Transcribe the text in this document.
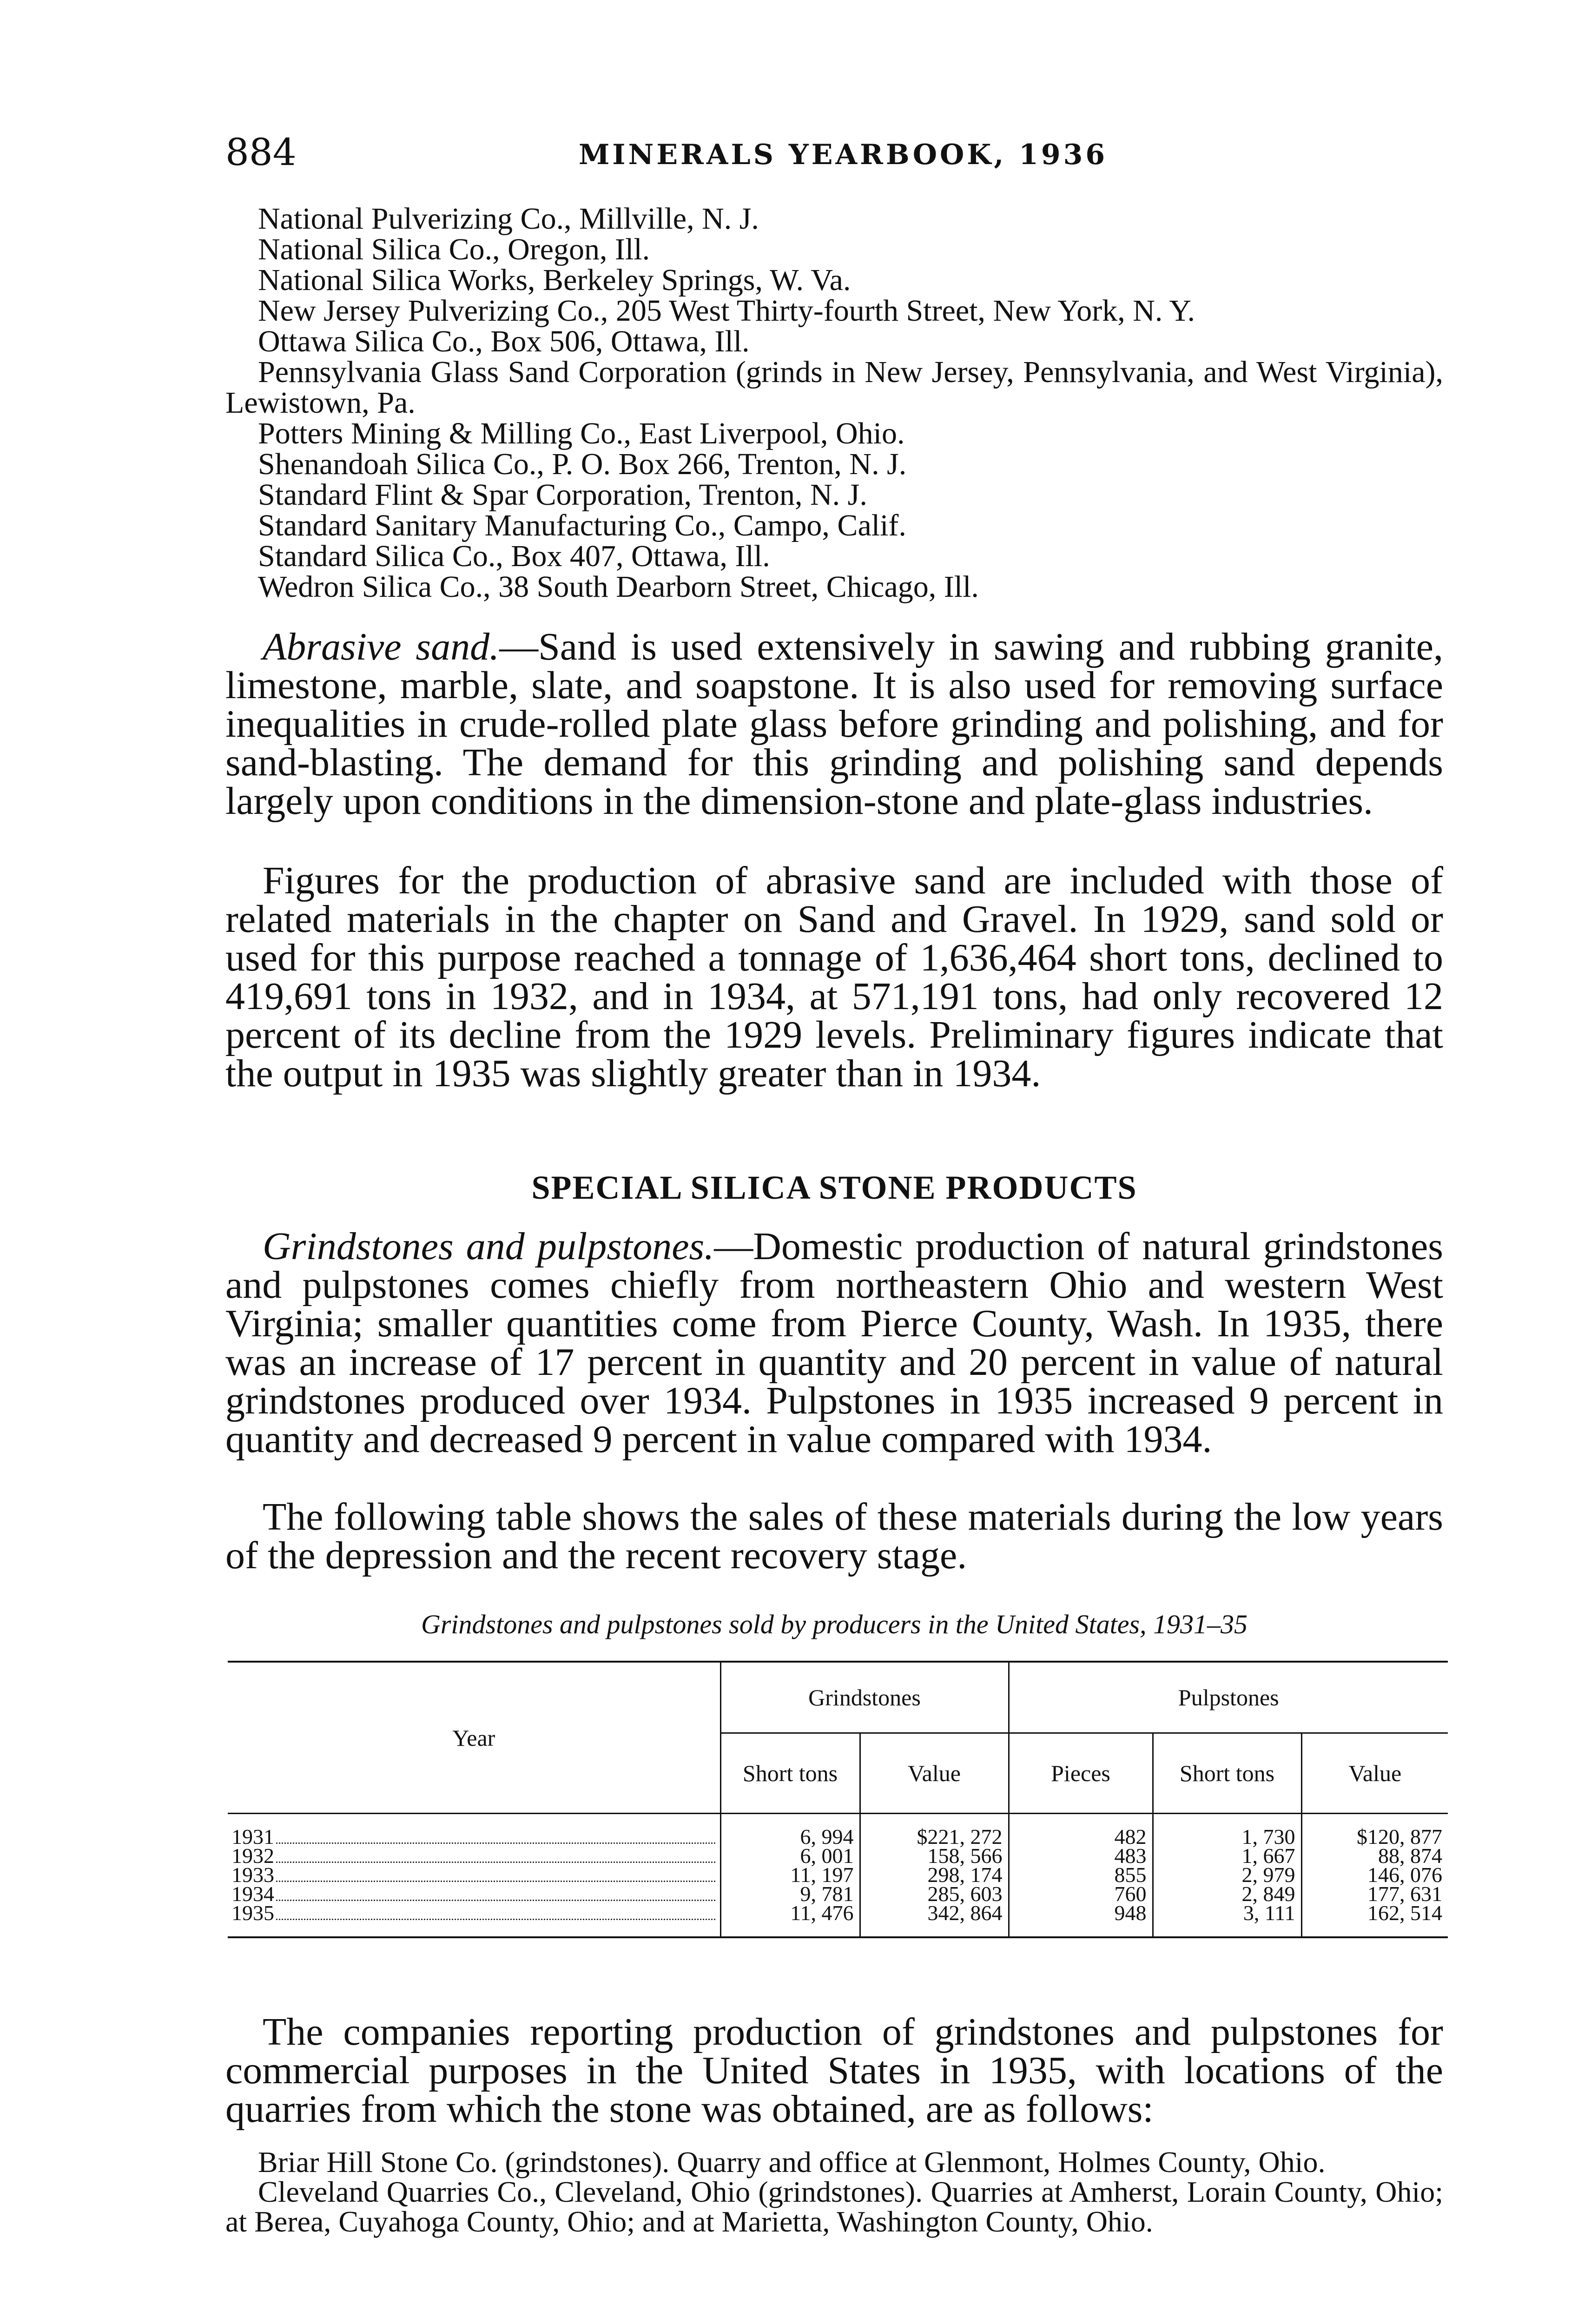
884	MINERALS YEARBOOK, 1936
National Pulverizing Co., Millville, N. J.
National Silica Co., Oregon, Ill.
National Silica Works, Berkeley Springs, W. Va.
New Jersey Pulverizing Co., 205 West Thirty-fourth Street, New York, N. Y.
Ottawa Silica Co., Box 506, Ottawa, Ill.
Pennsylvania Glass Sand Corporation (grinds in New Jersey, Pennsylvania, and West Virginia), Lewistown, Pa.
Potters Mining & Milling Co., East Liverpool, Ohio.
Shenandoah Silica Co., P. O. Box 266, Trenton, N. J.
Standard Flint & Spar Corporation, Trenton, N. J.
Standard Sanitary Manufacturing Co., Campo, Calif.
Standard Silica Co., Box 407, Ottawa, Ill.
Wedron Silica Co., 38 South Dearborn Street, Chicago, Ill.

Abrasive sand.—Sand is used extensively in sawing and rubbing granite, limestone, marble, slate, and soapstone. It is also used for removing surface inequalities in crude-rolled plate glass before grinding and polishing, and for sand-blasting. The demand for this grinding and polishing sand depends largely upon conditions in the dimension-stone and plate-glass industries.

Figures for the production of abrasive sand are included with those of related materials in the chapter on Sand and Gravel. In 1929, sand sold or used for this purpose reached a tonnage of 1,636,464 short tons, declined to 419,691 tons in 1932, and in 1934, at 571,191 tons, had only recovered 12 percent of its decline from the 1929 levels. Preliminary figures indicate that the output in 1935 was slightly greater than in 1934.

SPECIAL SILICA STONE PRODUCTS

Grindstones and pulpstones.—Domestic production of natural grindstones and pulpstones comes chiefly from northeastern Ohio and western West Virginia; smaller quantities come from Pierce County, Wash. In 1935, there was an increase of 17 percent in quantity and 20 percent in value of natural grindstones produced over 1934. Pulpstones in 1935 increased 9 percent in quantity and decreased 9 percent in value compared with 1934.

The following table shows the sales of these materials during the low years of the depression and the recent recovery stage.

Grindstones and pulpstones sold by producers in the United States, 1931–35
Year	Grindstones		Pulpstones		
	Short tons	Value	Pieces	Short tons	Value

1931	6, 994	$221, 272	482	1, 730	$120, 877

1932	6, 001	158, 566	483	1, 667	88, 874

1933	11, 197	298, 174	855	2, 979	146, 076

1934	9, 781	285, 603	760	2, 849	177, 631

1935	11, 476	342, 864	948	3, 111	162, 514

The companies reporting production of grindstones and pulpstones for commercial purposes in the United States in 1935, with locations of the quarries from which the stone was obtained, are as follows:

Briar Hill Stone Co. (grindstones). Quarry and office at Glenmont, Holmes County, Ohio.
Cleveland Quarries Co., Cleveland, Ohio (grindstones). Quarries at Amherst, Lorain County, Ohio; at Berea, Cuyahoga County, Ohio; and at Marietta, Washington County, Ohio.
